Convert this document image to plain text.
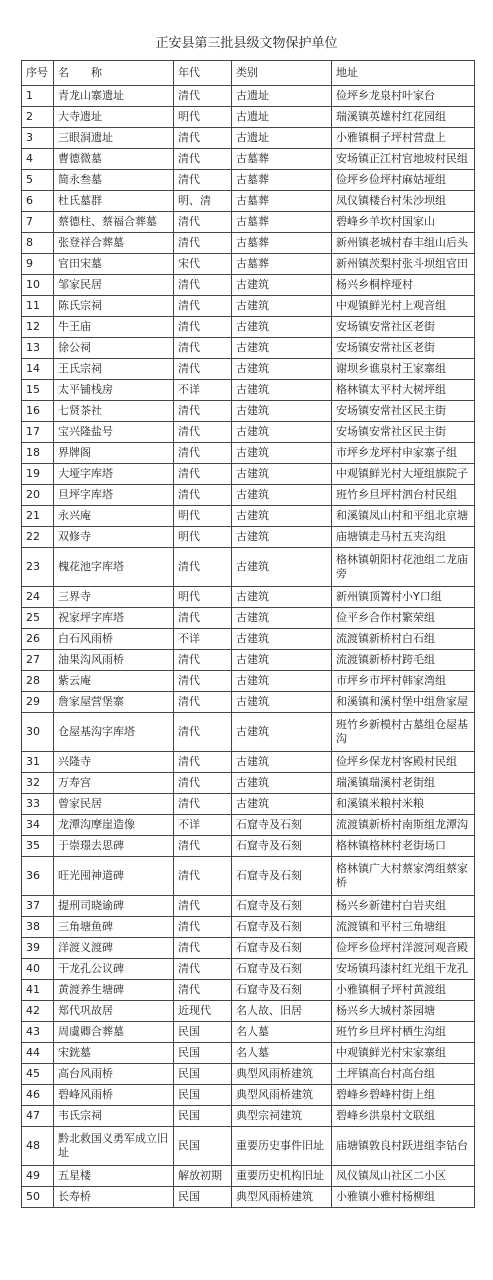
正安县第三批县级文物保护单位
序号	名　　称	年代	类别	地址
1	青龙山寨遗址	清代	古遗址	俭坪乡龙泉村叶家台
2	大寺遗址	明代	古遗址	瑞溪镇英雄村红花园组
3	三眼洞遗址	清代	古遗址	小雅镇桐子坪村营盘上
4	曹德微墓	清代	古墓葬	安场镇正江村官地坡村民组
5	简永叁墓	清代	古墓葬	俭坪乡俭坪村麻姑垭组
6	杜氏墓群	明、清	古墓葬	凤仪镇楼台村朱沙坝组
7	蔡德柱、蔡福合葬墓	清代	古墓葬	碧峰乡羊坎村国家山
8	张登祥合葬墓	清代	古墓葬	新州镇老城村春丰组山后头
9	官田宋墓	宋代	古墓葬	新州镇茨梨村张斗坝组官田
10	邹家民居	清代	古建筑	杨兴乡桐梓垭村
11	陈氏宗祠	清代	古建筑	中观镇鲜光村上观音组
12	牛王庙	清代	古建筑	安场镇安常社区老街
13	徐公祠	清代	古建筑	安场镇安常社区老街
14	王氏宗祠	清代	古建筑	谢坝乡谯泉村王家寨组
15	太平铺栈房	不详	古建筑	格林镇太平村大树坪组
16	七贤茶社	清代	古建筑	安场镇安常社区民主街
17	宝兴隆盐号	清代	古建筑	安场镇安常社区民主街
18	界牌阁	清代	古建筑	市坪乡龙坪村申家寨子组
19	大垭字库塔	清代	古建筑	中观镇鲜光村大垭组旗院子
20	旦坪字库塔	清代	古建筑	班竹乡旦坪村泗台村民组
21	永兴庵	明代	古建筑	和溪镇凤山村和平组北京塘
22	双修寺	明代	古建筑	庙塘镇走马村五夹沟组
23	槐花池字库塔	清代	古建筑	格林镇朝阳村花池组二龙庙旁
24	三界寺	明代	古建筑	新州镇顶箐村小Y口组
25	祝家坪字库塔	清代	古建筑	俭平乡合作村繁荣组
26	白石风雨桥	不详	古建筑	流渡镇新桥村白石组
27	油果沟风雨桥	清代	古建筑	流渡镇新桥村跨毛组
28	紫云庵	清代	古建筑	市坪乡市坪村韩家湾组
29	詹家屋营堡寨	清代	古建筑	和溪镇和溪村堡中组詹家屋
30	仓屋基沟字库塔	清代	古建筑	班竹乡新模村古墓组仓屋基沟
31	兴隆寺	清代	古建筑	俭坪乡保龙村客殿村民组
32	万寿宫	清代	古建筑	瑞溪镇瑞溪村老街组
33	曾家民居	清代	古建筑	和溪镇米粮村米粮
34	龙潭沟摩崖造像	不详	石窟寺及石刻	流渡镇新桥村南斯组龙潭沟
35	于崇璟去思碑	清代	石窟寺及石刻	格林镇格林村老街场口
36	旺光囤神道碑	清代	石窟寺及石刻	格林镇广大村蔡家湾组蔡家桥
37	提刑司晓谕碑	清代	石窟寺及石刻	杨兴乡新建村白岩夹组
38	三角塘鱼碑	清代	石窟寺及石刻	流渡镇和平村三角塘组
39	洋渡义渡碑	清代	石窟寺及石刻	俭坪乡俭坪村洋渡河观音殿
40	干龙孔公议碑	清代	石窟寺及石刻	安场镇玛漆村红光组干龙孔
41	黄渡养生塘碑	清代	石窟寺及石刻	小雅镇桐子坪村黄渡组
42	郑代巩故居	近现代	名人故、旧居	杨兴乡大城村茶园塘
43	周虞卿合葬墓	民国	名人墓	班竹乡旦坪村栖生沟组
44	宋銧墓	民国	名人墓	中观镇鲜光村宋家寨组
45	高台风雨桥	民国	典型风雨桥建筑	土坪镇高台村高台组
46	碧峰风雨桥	民国	典型风雨桥建筑	碧峰乡碧峰村街上组
47	韦氏宗祠	民国	典型宗祠建筑	碧峰乡洪泉村文联组
48	黔北救国义勇军成立旧址	民国	重要历史事件旧址	庙塘镇敦良村跃进组李钻台
49	五星楼	解放初期	重要历史机构旧址	凤仪镇凤山社区二小区
50	长寿桥	民国	典型风雨桥建筑	小雅镇小雅村杨柳组
